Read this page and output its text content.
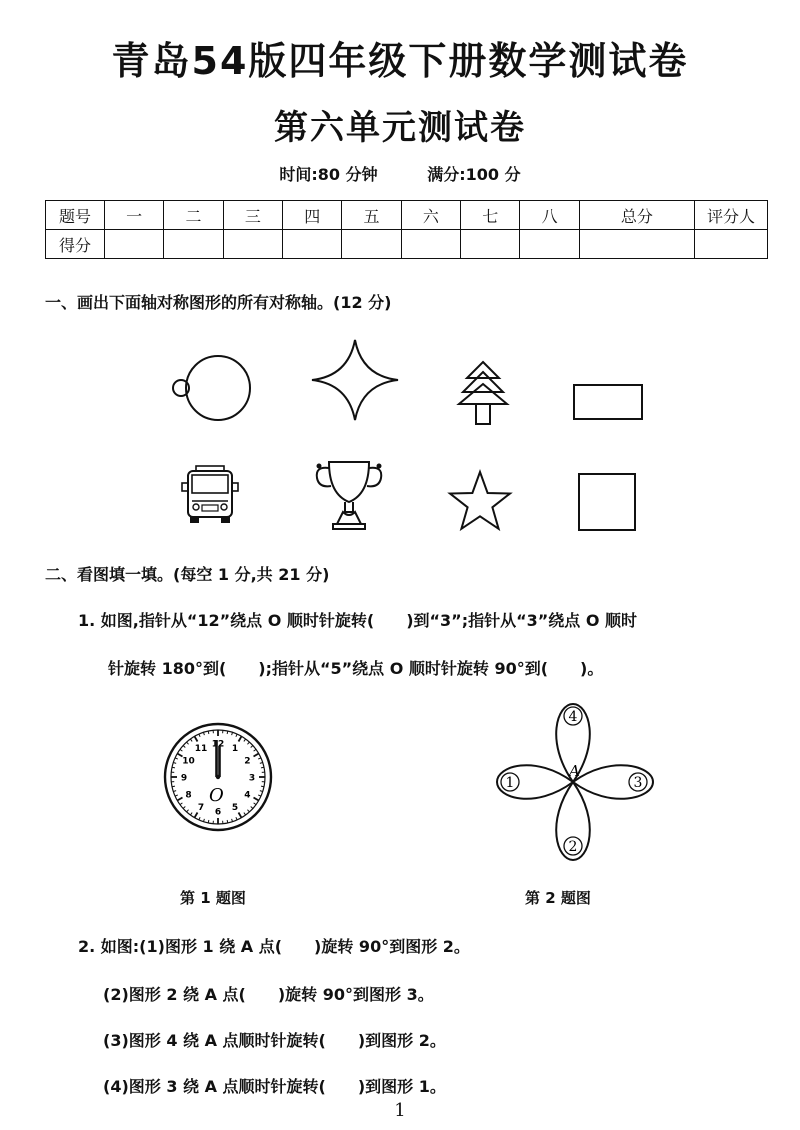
青岛54版四年级下册数学测试卷
第六单元测试卷
时间:80 分钟	满分:100 分
题号	一	二	三	四	五	六	七	八	总分	评分人
得分										
一、画出下面轴对称图形的所有对称轴。(12 分)
二、看图填一填。(每空 1 分,共 21 分)
1. 如图,指针从“12”绕点 O 顺时针旋转(　　)到“3”;指针从“3”绕点 O 顺时
针旋转 180°到(　　);指针从“5”绕点 O 顺时针旋转 90°到(　　)。
12 1
2
3
4
5
6
7
8
9
10
11
O
4
2
1	3
A
第 1 题图	第 2 题图
2. 如图:(1)图形 1 绕 A 点(　　)旋转 90°到图形 2。
(2)图形 2 绕 A 点(　　)旋转 90°到图形 3。
(3)图形 4 绕 A 点顺时针旋转(　　)到图形 2。
(4)图形 3 绕 A 点顺时针旋转(　　)到图形 1。
1
